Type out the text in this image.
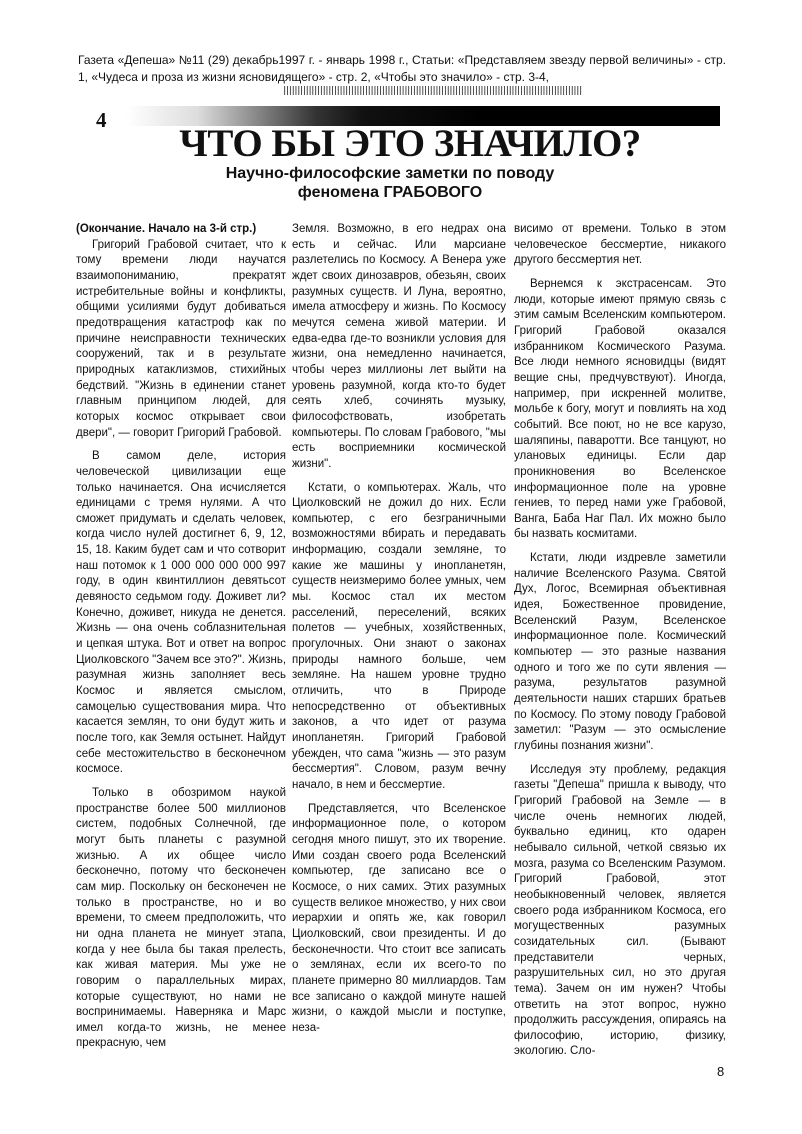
Газета «Депеша» №11 (29) декабрь1997 г. - январь 1998 г., Статьи: «Представляем звезду первой величины» - стр. 1, «Чудеса и проза из жизни ясновидящего» - стр. 2, «Чтобы это значило» - стр. 3-4,
||||||||||||||||||||||||||||||||||||||||||||||||||||||||||||||||||||||||||||||||||||||||||||||||||||||||||
4
ЧТО БЫ ЭТО ЗНАЧИЛО?
Научно-философские заметки по поводу
феномена ГРАБОВОГО
(Окончание. Начало на 3-й стр.)

Григорий Грабовой считает, что к тому времени люди научатся взаимопониманию, прекратят истребительные войны и конфликты, общими усилиями будут добиваться предотвращения катастроф как по причине неисправности технических сооружений, так и в результате природных катаклизмов, стихийных бедствий. "Жизнь в единении станет главным принципом людей, для которых космос открывает свои двери", — говорит Григорий Грабовой.

В самом деле, история человеческой цивилизации еще только начинается. Она исчисляется единицами с тремя нулями. А что сможет придумать и сделать человек, когда число нулей достигнет 6, 9, 12, 15, 18. Каким будет сам и что сотворит наш потомок к 1 000 000 000 000 997 году, в один квинтиллион девятьсот девяносто седьмом году. Доживет ли? Конечно, доживет, никуда не денется. Жизнь — она очень соблазнительная и цепкая штука. Вот и ответ на вопрос Циолковского "Зачем все это?". Жизнь, разумная жизнь заполняет весь Космос и является смыслом, самоцелью существования мира. Что касается землян, то они будут жить и после того, как Земля остынет. Найдут себе местожительство в бесконечном космосе.

Только в обозримом наукой пространстве более 500 миллионов систем, подобных Солнечной, где могут быть планеты с разумной жизнью. А их общее число бесконечно, потому что бесконечен сам мир. Поскольку он бесконечен не только в пространстве, но и во времени, то смеем предположить, что ни одна планета не минует этапа, когда у нее была бы такая прелесть, как живая материя. Мы уже не говорим о параллельных мирах, которые существуют, но нами не воспринимаемы. Наверняка и Марс имел когда-то жизнь, не менее прекрасную, чем

Земля. Возможно, в его недрах она есть и сейчас. Или марсиане разлетелись по Космосу. А Венера уже ждет своих динозавров, обезьян, своих разумных существ. И Луна, вероятно, имела атмосферу и жизнь. По Космосу мечутся семена живой материи. И едва-едва где-то возникли условия для жизни, она немедленно начинается, чтобы через миллионы лет выйти на уровень разумной, когда кто-то будет сеять хлеб, сочинять музыку, философствовать, изобретать компьютеры. По словам Грабового, "мы есть восприемники космической жизни".

Кстати, о компьютерах. Жаль, что Циолковский не дожил до них. Если компьютер, с его безграничными возможностями вбирать и передавать информацию, создали земляне, то какие же машины у инопланетян, существ неизмеримо более умных, чем мы. Космос стал их местом расселений, переселений, всяких полетов — учебных, хозяйственных, прогулочных. Они знают о законах природы намного больше, чем земляне. На нашем уровне трудно отличить, что в Природе непосредственно от объективных законов, а что идет от разума инопланетян. Григорий Грабовой убежден, что сама "жизнь — это разум бессмертия". Словом, разум вечну начало, в нем и бессмертие.

Представляется, что Вселенское информационное поле, о котором сегодня много пишут, это их творение. Ими создан своего рода Вселенский компьютер, где записано все о Космосе, о них самих. Этих разумных существ великое множество, у них свои иерархии и опять же, как говорил Циолковский, свои президенты. И до бесконечности. Что стоит все записать о землянах, если их всего-то по планете примерно 80 миллиардов. Там все записано о каждой минуте нашей жизни, о каждой мысли и поступке, неза-

висимо от времени. Только в этом человеческое бессмертие, никакого другого бессмертия нет.

Вернемся к экстрасенсам. Это люди, которые имеют прямую связь с этим самым Вселенским компьютером. Григорий Грабовой оказался избранником Космического Разума. Все люди немного ясновидцы (видят вещие сны, предчувствуют). Иногда, например, при искренней молитве, мольбе к богу, могут и повлиять на ход событий. Все поют, но не все карузо, шаляпины, паваротти. Все танцуют, но улановых единицы. Если дар проникновения во Вселенское информационное поле на уровне гениев, то перед нами уже Грабовой, Ванга, Баба Наг Пал. Их можно было бы назвать космитами.

Кстати, люди издревле заметили наличие Вселенского Разума. Святой Дух, Логос, Всемирная объективная идея, Божественное провидение, Вселенский Разум, Вселенское информационное поле. Космический компьютер — это разные названия одного и того же по сути явления — разума, результатов разумной деятельности наших старших братьев по Космосу. По этому поводу Грабовой заметил: "Разум — это осмысление глубины познания жизни".

Исследуя эту проблему, редакция газеты "Депеша" пришла к выводу, что Григорий Грабовой на Земле — в числе очень немногих людей, буквально единиц, кто одарен небывало сильной, четкой связью их мозга, разума со Вселенским Разумом. Григорий Грабовой, этот необыкновенный человек, является своего рода избранником Космоса, его могущественных разумных созидательных сил. (Бывают представители черных, разрушительных сил, но это другая тема). Зачем он им нужен? Чтобы ответить на этот вопрос, нужно продолжить рассуждения, опираясь на философию, историю, физику, экологию. Сло-

8
